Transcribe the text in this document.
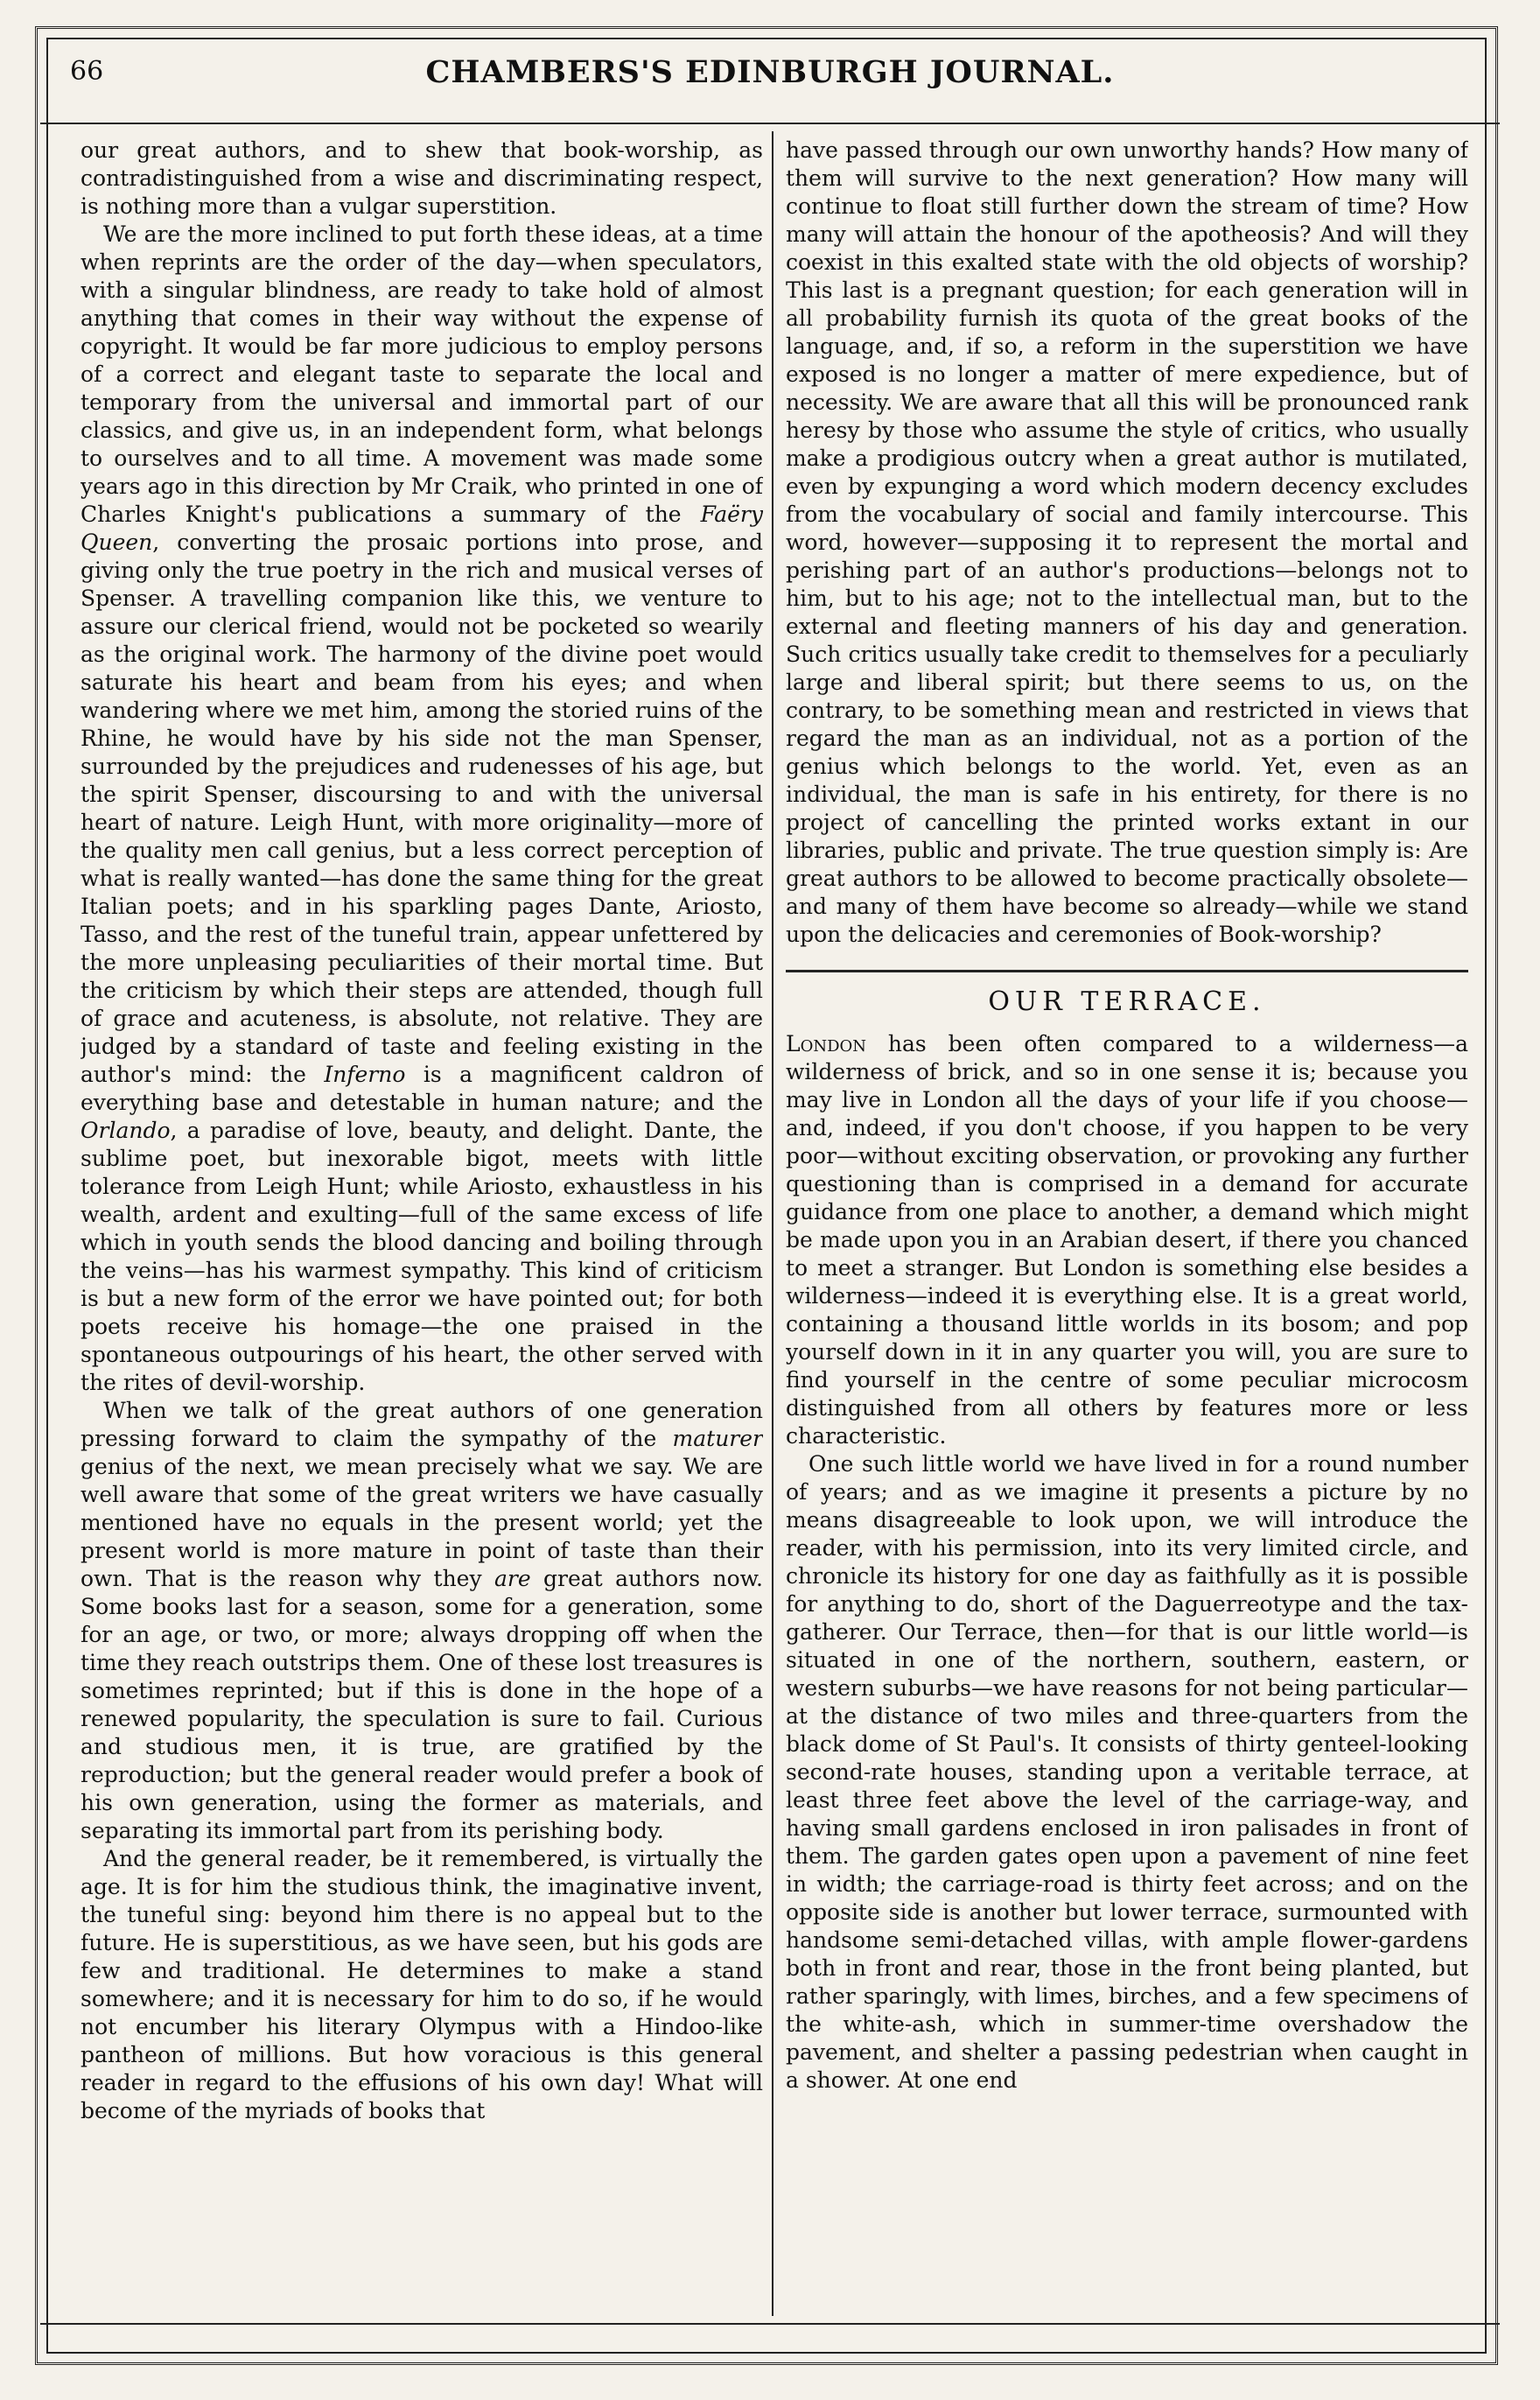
66	CHAMBERS'S EDINBURGH JOURNAL.

our great authors, and to shew that book-worship, as contradistinguished from a wise and discriminating respect, is nothing more than a vulgar superstition.

We are the more inclined to put forth these ideas, at a time when reprints are the order of the day—when speculators, with a singular blindness, are ready to take hold of almost anything that comes in their way without the expense of copyright. It would be far more judicious to employ persons of a correct and elegant taste to separate the local and temporary from the universal and immortal part of our classics, and give us, in an independent form, what belongs to ourselves and to all time. A movement was made some years ago in this direction by Mr Craik, who printed in one of Charles Knight's publications a summary of the Faëry Queen, converting the prosaic portions into prose, and giving only the true poetry in the rich and musical verses of Spenser. A travelling companion like this, we venture to assure our clerical friend, would not be pocketed so wearily as the original work. The harmony of the divine poet would saturate his heart and beam from his eyes; and when wandering where we met him, among the storied ruins of the Rhine, he would have by his side not the man Spenser, surrounded by the prejudices and rudenesses of his age, but the spirit Spenser, discoursing to and with the universal heart of nature. Leigh Hunt, with more originality—more of the quality men call genius, but a less correct perception of what is really wanted—has done the same thing for the great Italian poets; and in his sparkling pages Dante, Ariosto, Tasso, and the rest of the tuneful train, appear unfettered by the more unpleasing peculiarities of their mortal time. But the criticism by which their steps are attended, though full of grace and acuteness, is absolute, not relative. They are judged by a standard of taste and feeling existing in the author's mind: the Inferno is a magnificent caldron of everything base and detestable in human nature; and the Orlando, a paradise of love, beauty, and delight. Dante, the sublime poet, but inexorable bigot, meets with little tolerance from Leigh Hunt; while Ariosto, exhaustless in his wealth, ardent and exulting—full of the same excess of life which in youth sends the blood dancing and boiling through the veins—has his warmest sympathy. This kind of criticism is but a new form of the error we have pointed out; for both poets receive his homage—the one praised in the spontaneous outpourings of his heart, the other served with the rites of devil-worship.

When we talk of the great authors of one generation pressing forward to claim the sympathy of the maturer genius of the next, we mean precisely what we say. We are well aware that some of the great writers we have casually mentioned have no equals in the present world; yet the present world is more mature in point of taste than their own. That is the reason why they are great authors now. Some books last for a season, some for a generation, some for an age, or two, or more; always dropping off when the time they reach outstrips them. One of these lost treasures is sometimes reprinted; but if this is done in the hope of a renewed popularity, the speculation is sure to fail. Curious and studious men, it is true, are gratified by the reproduction; but the general reader would prefer a book of his own generation, using the former as materials, and separating its immortal part from its perishing body.

And the general reader, be it remembered, is virtually the age. It is for him the studious think, the imaginative invent, the tuneful sing: beyond him there is no appeal but to the future. He is superstitious, as we have seen, but his gods are few and traditional. He determines to make a stand somewhere; and it is necessary for him to do so, if he would not encumber his literary Olympus with a Hindoo-like pantheon of millions. But how voracious is this general reader in regard to the effusions of his own day! What will become of the myriads of books that

have passed through our own unworthy hands? How many of them will survive to the next generation? How many will continue to float still further down the stream of time? How many will attain the honour of the apotheosis? And will they coexist in this exalted state with the old objects of worship? This last is a pregnant question; for each generation will in all probability furnish its quota of the great books of the language, and, if so, a reform in the superstition we have exposed is no longer a matter of mere expedience, but of necessity. We are aware that all this will be pronounced rank heresy by those who assume the style of critics, who usually make a prodigious outcry when a great author is mutilated, even by expunging a word which modern decency excludes from the vocabulary of social and family intercourse. This word, however—supposing it to represent the mortal and perishing part of an author's productions—belongs not to him, but to his age; not to the intellectual man, but to the external and fleeting manners of his day and generation. Such critics usually take credit to themselves for a peculiarly large and liberal spirit; but there seems to us, on the contrary, to be something mean and restricted in views that regard the man as an individual, not as a portion of the genius which belongs to the world. Yet, even as an individual, the man is safe in his entirety, for there is no project of cancelling the printed works extant in our libraries, public and private. The true question simply is: Are great authors to be allowed to become practically obsolete—and many of them have become so already—while we stand upon the delicacies and ceremonies of Book-worship?

OUR TERRACE.

London has been often compared to a wilderness—a wilderness of brick, and so in one sense it is; because you may live in London all the days of your life if you choose—and, indeed, if you don't choose, if you happen to be very poor—without exciting observation, or provoking any further questioning than is comprised in a demand for accurate guidance from one place to another, a demand which might be made upon you in an Arabian desert, if there you chanced to meet a stranger. But London is something else besides a wilderness—indeed it is everything else. It is a great world, containing a thousand little worlds in its bosom; and pop yourself down in it in any quarter you will, you are sure to find yourself in the centre of some peculiar microcosm distinguished from all others by features more or less characteristic.

One such little world we have lived in for a round number of years; and as we imagine it presents a picture by no means disagreeable to look upon, we will introduce the reader, with his permission, into its very limited circle, and chronicle its history for one day as faithfully as it is possible for anything to do, short of the Daguerreotype and the tax-gatherer. Our Terrace, then—for that is our little world—is situated in one of the northern, southern, eastern, or western suburbs—we have reasons for not being particular—at the distance of two miles and three-quarters from the black dome of St Paul's. It consists of thirty genteel-looking second-rate houses, standing upon a veritable terrace, at least three feet above the level of the carriage-way, and having small gardens enclosed in iron palisades in front of them. The garden gates open upon a pavement of nine feet in width; the carriage-road is thirty feet across; and on the opposite side is another but lower terrace, surmounted with handsome semi-detached villas, with ample flower-gardens both in front and rear, those in the front being planted, but rather sparingly, with limes, birches, and a few specimens of the white-ash, which in summer-time overshadow the pavement, and shelter a passing pedestrian when caught in a shower. At one end
